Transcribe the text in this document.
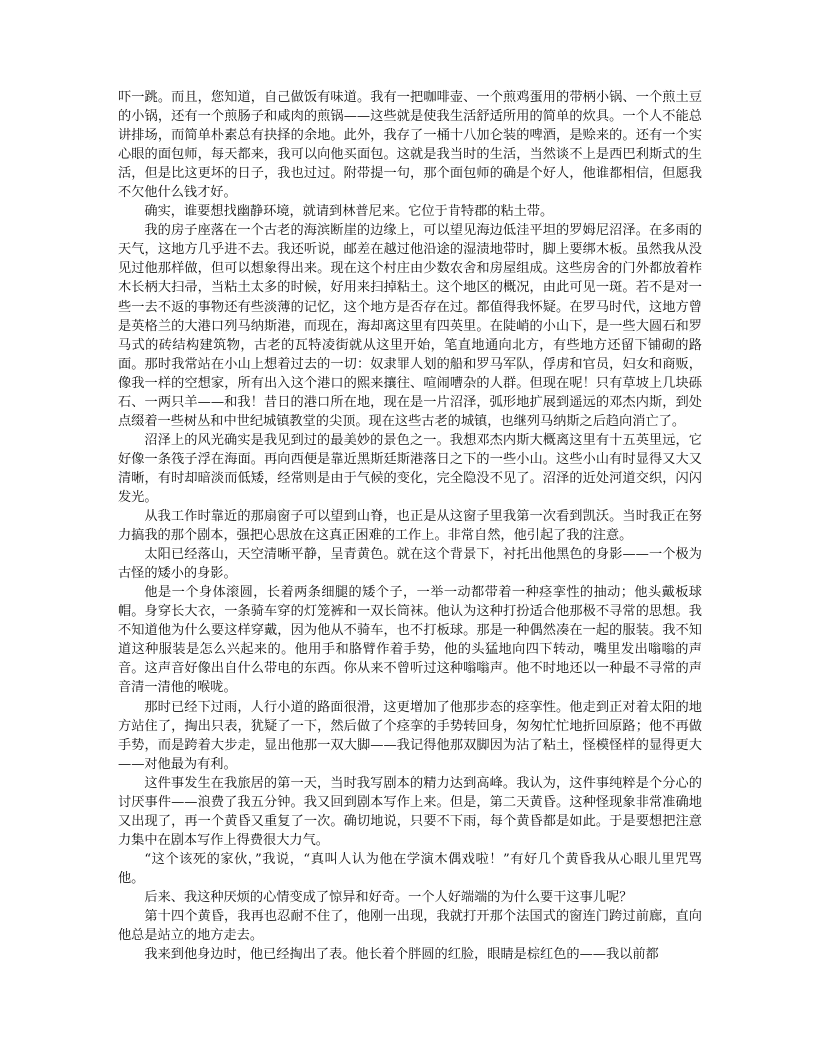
吓一跳。而且，您知道，自己做饭有味道。我有一把咖啡壶、一个煎鸡蛋用的带柄小锅、一个煎土豆的小锅，还有一个煎肠子和咸肉的煎锅——这些就是使我生活舒适所用的简单的炊具。一个人不能总讲排场，而简单朴素总有抉择的余地。此外，我存了一桶十八加仑装的啤酒，是赊来的。还有一个实心眼的面包师，每天都来，我可以向他买面包。这就是我当时的生活，当然谈不上是西巴利斯式的生活，但是比这更坏的日子，我也过过。附带提一句，那个面包师的确是个好人，他谁都相信，但愿我不欠他什么钱才好。

确实，谁要想找幽静环境，就请到林普尼来。它位于肯特郡的粘土带。

我的房子座落在一个古老的海滨断崖的边缘上，可以望见海边低洼平坦的罗姆尼沼泽。在多雨的天气，这地方几乎进不去。我还听说，邮差在越过他沿途的湿渍地带时，脚上要绑木板。虽然我从没见过他那样做，但可以想象得出来。现在这个村庄由少数农舍和房屋组成。这些房舍的门外都放着柞木长柄大扫帚，当粘土太多的时候，好用来扫掉粘土。这个地区的概况，由此可见一斑。若不是对一些一去不返的事物还有些淡薄的记忆，这个地方是否存在过。都值得我怀疑。在罗马时代，这地方曾是英格兰的大港口列马纳斯港，而现在，海却离这里有四英里。在陡峭的小山下，是一些大圆石和罗马式的砖结构建筑物，古老的瓦特凌街就从这里开始，笔直地通向北方，有些地方还留下铺砌的路面。那时我常站在小山上想着过去的一切：奴隶罪人划的船和罗马军队，俘虏和官员，妇女和商贩，像我一样的空想家，所有出入这个港口的熙来攘往、喧闹嘈杂的人群。但现在呢！只有草坡上几块砾石、一两只羊——和我！昔日的港口所在地，现在是一片沼泽，弧形地扩展到遥远的邓杰内斯，到处点缀着一些树丛和中世纪城镇教堂的尖顶。现在这些古老的城镇，也继列马纳斯之后趋向消亡了。

沼泽上的风光确实是我见到过的最美妙的景色之一。我想邓杰内斯大概离这里有十五英里远，它好像一条筏子浮在海面。再向西便是靠近黑斯廷斯港落日之下的一些小山。这些小山有时显得又大又清晰，有时却暗淡而低矮，经常则是由于气候的变化，完全隐没不见了。沼泽的近处河道交织，闪闪发光。

从我工作时靠近的那扇窗子可以望到山脊，也正是从这窗子里我第一次看到凯沃。当时我正在努力搞我的那个剧本，强把心思放在这真正困难的工作上。非常自然，他引起了我的注意。

太阳已经落山，天空清晰平静，呈青黄色。就在这个背景下，衬托出他黑色的身影——一个极为古怪的矮小的身影。

他是一个身体滚圆，长着两条细腿的矮个子，一举一动都带着一种痉挛性的抽动；他头戴板球帽。身穿长大衣，一条骑车穿的灯笼裤和一双长筒袜。他认为这种打扮适合他那极不寻常的思想。我不知道他为什么要这样穿戴，因为他从不骑车，也不打板球。那是一种偶然凑在一起的服装。我不知道这种服装是怎么兴起来的。他用手和胳臂作着手势，他的头猛地向四下转动，嘴里发出嗡嗡的声音。这声音好像出自什么带电的东西。你从来不曾听过这种嗡嗡声。他不时地还以一种最不寻常的声音清一清他的喉咙。

那时已经下过雨，人行小道的路面很滑，这更增加了他那步态的痉挛性。他走到正对着太阳的地方站住了，掏出只表，犹疑了一下，然后做了个痉挛的手势转回身，匆匆忙忙地折回原路；他不再做手势，而是跨着大步走，显出他那一双大脚——我记得他那双脚因为沾了粘土，怪模怪样的显得更大——对他最为有利。

这件事发生在我旅居的第一天，当时我写剧本的精力达到高峰。我认为，这件事纯粹是个分心的讨厌事件——浪费了我五分钟。我又回到剧本写作上来。但是，第二天黄昏。这种怪现象非常准确地又出现了，再一个黄昏又重复了一次。确切地说，只要不下雨，每个黄昏都是如此。于是要想把注意力集中在剧本写作上得费很大力气。

“这个该死的家伙，”我说，“真叫人认为他在学演木偶戏啦！”有好几个黄昏我从心眼儿里咒骂他。

后来、我这种厌烦的心情变成了惊异和好奇。一个人好端端的为什么要干这事儿呢？

第十四个黄昏，我再也忍耐不住了，他刚一出现，我就打开那个法国式的窗连门跨过前廊，直向他总是站立的地方走去。

我来到他身边时，他已经掏出了表。他长着个胖圆的红脸，眼睛是棕红色的——我以前都
